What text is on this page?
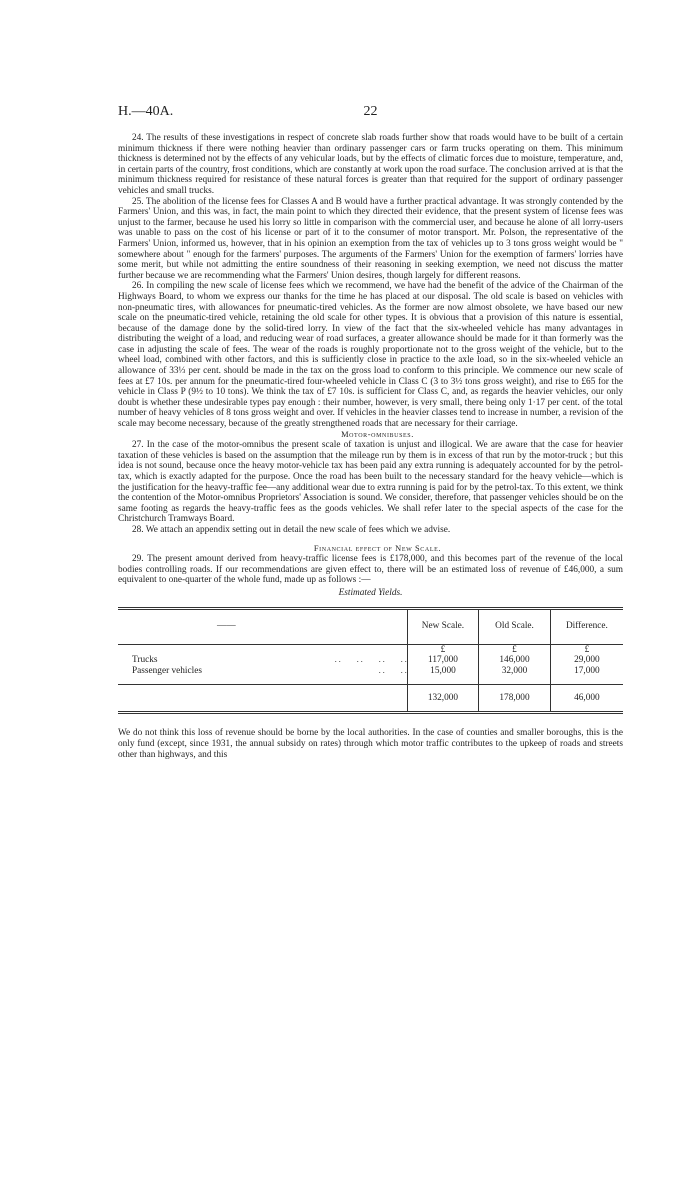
H.—40A.	22

24. The results of these investigations in respect of concrete slab roads further show that roads would have to be built of a certain minimum thickness if there were nothing heavier than ordinary passenger cars or farm trucks operating on them. This minimum thickness is determined not by the effects of any vehicular loads, but by the effects of climatic forces due to moisture, temperature, and, in certain parts of the country, frost conditions, which are constantly at work upon the road surface. The conclusion arrived at is that the minimum thickness required for resistance of these natural forces is greater than that required for the support of ordinary passenger vehicles and small trucks.

25. The abolition of the license fees for Classes A and B would have a further practical advantage. It was strongly contended by the Farmers' Union, and this was, in fact, the main point to which they directed their evidence, that the present system of license fees was unjust to the farmer, because he used his lorry so little in comparison with the commercial user, and because he alone of all lorry-users was unable to pass on the cost of his license or part of it to the consumer of motor transport. Mr. Polson, the representative of the Farmers' Union, informed us, however, that in his opinion an exemption from the tax of vehicles up to 3 tons gross weight would be " somewhere about " enough for the farmers' purposes. The arguments of the Farmers' Union for the exemption of farmers' lorries have some merit, but while not admitting the entire soundness of their reasoning in seeking exemption, we need not discuss the matter further because we are recommending what the Farmers' Union desires, though largely for different reasons.

26. In compiling the new scale of license fees which we recommend, we have had the benefit of the advice of the Chairman of the Highways Board, to whom we express our thanks for the time he has placed at our disposal. The old scale is based on vehicles with non-pneumatic tires, with allowances for pneumatic-tired vehicles. As the former are now almost obsolete, we have based our new scale on the pneumatic-tired vehicle, retaining the old scale for other types. It is obvious that a provision of this nature is essential, because of the damage done by the solid-tired lorry. In view of the fact that the six-wheeled vehicle has many advantages in distributing the weight of a load, and reducing wear of road surfaces, a greater allowance should be made for it than formerly was the case in adjusting the scale of fees. The wear of the roads is roughly proportionate not to the gross weight of the vehicle, but to the wheel load, combined with other factors, and this is sufficiently close in practice to the axle load, so in the six-wheeled vehicle an allowance of 33⅓ per cent. should be made in the tax on the gross load to conform to this principle. We commence our new scale of fees at £7 10s. per annum for the pneumatic-tired four-wheeled vehicle in Class C (3 to 3½ tons gross weight), and rise to £65 for the vehicle in Class P (9½ to 10 tons). We think the tax of £7 10s. is sufficient for Class C, and, as regards the heavier vehicles, our only doubt is whether these undesirable types pay enough : their number, however, is very small, there being only 1·17 per cent. of the total number of heavy vehicles of 8 tons gross weight and over. If vehicles in the heavier classes tend to increase in number, a revision of the scale may become necessary, because of the greatly strengthened roads that are necessary for their carriage.

Motor-omnibuses.

27. In the case of the motor-omnibus the present scale of taxation is unjust and illogical. We are aware that the case for heavier taxation of these vehicles is based on the assumption that the mileage run by them is in excess of that run by the motor-truck ; but this idea is not sound, because once the heavy motor-vehicle tax has been paid any extra running is adequately accounted for by the petrol-tax, which is exactly adapted for the purpose. Once the road has been built to the necessary standard for the heavy vehicle—which is the justification for the heavy-traffic fee—any additional wear due to extra running is paid for by the petrol-tax. To this extent, we think the contention of the Motor-omnibus Proprietors' Association is sound. We consider, therefore, that passenger vehicles should be on the same footing as regards the heavy-traffic fees as the goods vehicles. We shall refer later to the special aspects of the case for the Christchurch Tramways Board.

28. We attach an appendix setting out in detail the new scale of fees which we advise.

Financial effect of New Scale.

29. The present amount derived from heavy-traffic license fees is £178,000, and this becomes part of the revenue of the local bodies controlling roads. If our recommendations are given effect to, there will be an estimated loss of revenue of £46,000, a sum equivalent to one-quarter of the whole fund, made up as follows :—

Estimated Yields.
——		New Scale.	Old Scale.	Difference.
		£	£	£
Trucks	. .        . .        . .        . .	117,000	146,000	29,000
Passenger vehicles	. .        . .	15,000	32,000	17,000
		132,000	178,000	46,000

We do not think this loss of revenue should be borne by the local authorities. In the case of counties and smaller boroughs, this is the only fund (except, since 1931, the annual subsidy on rates) through which motor traffic contributes to the upkeep of roads and streets other than highways, and this
